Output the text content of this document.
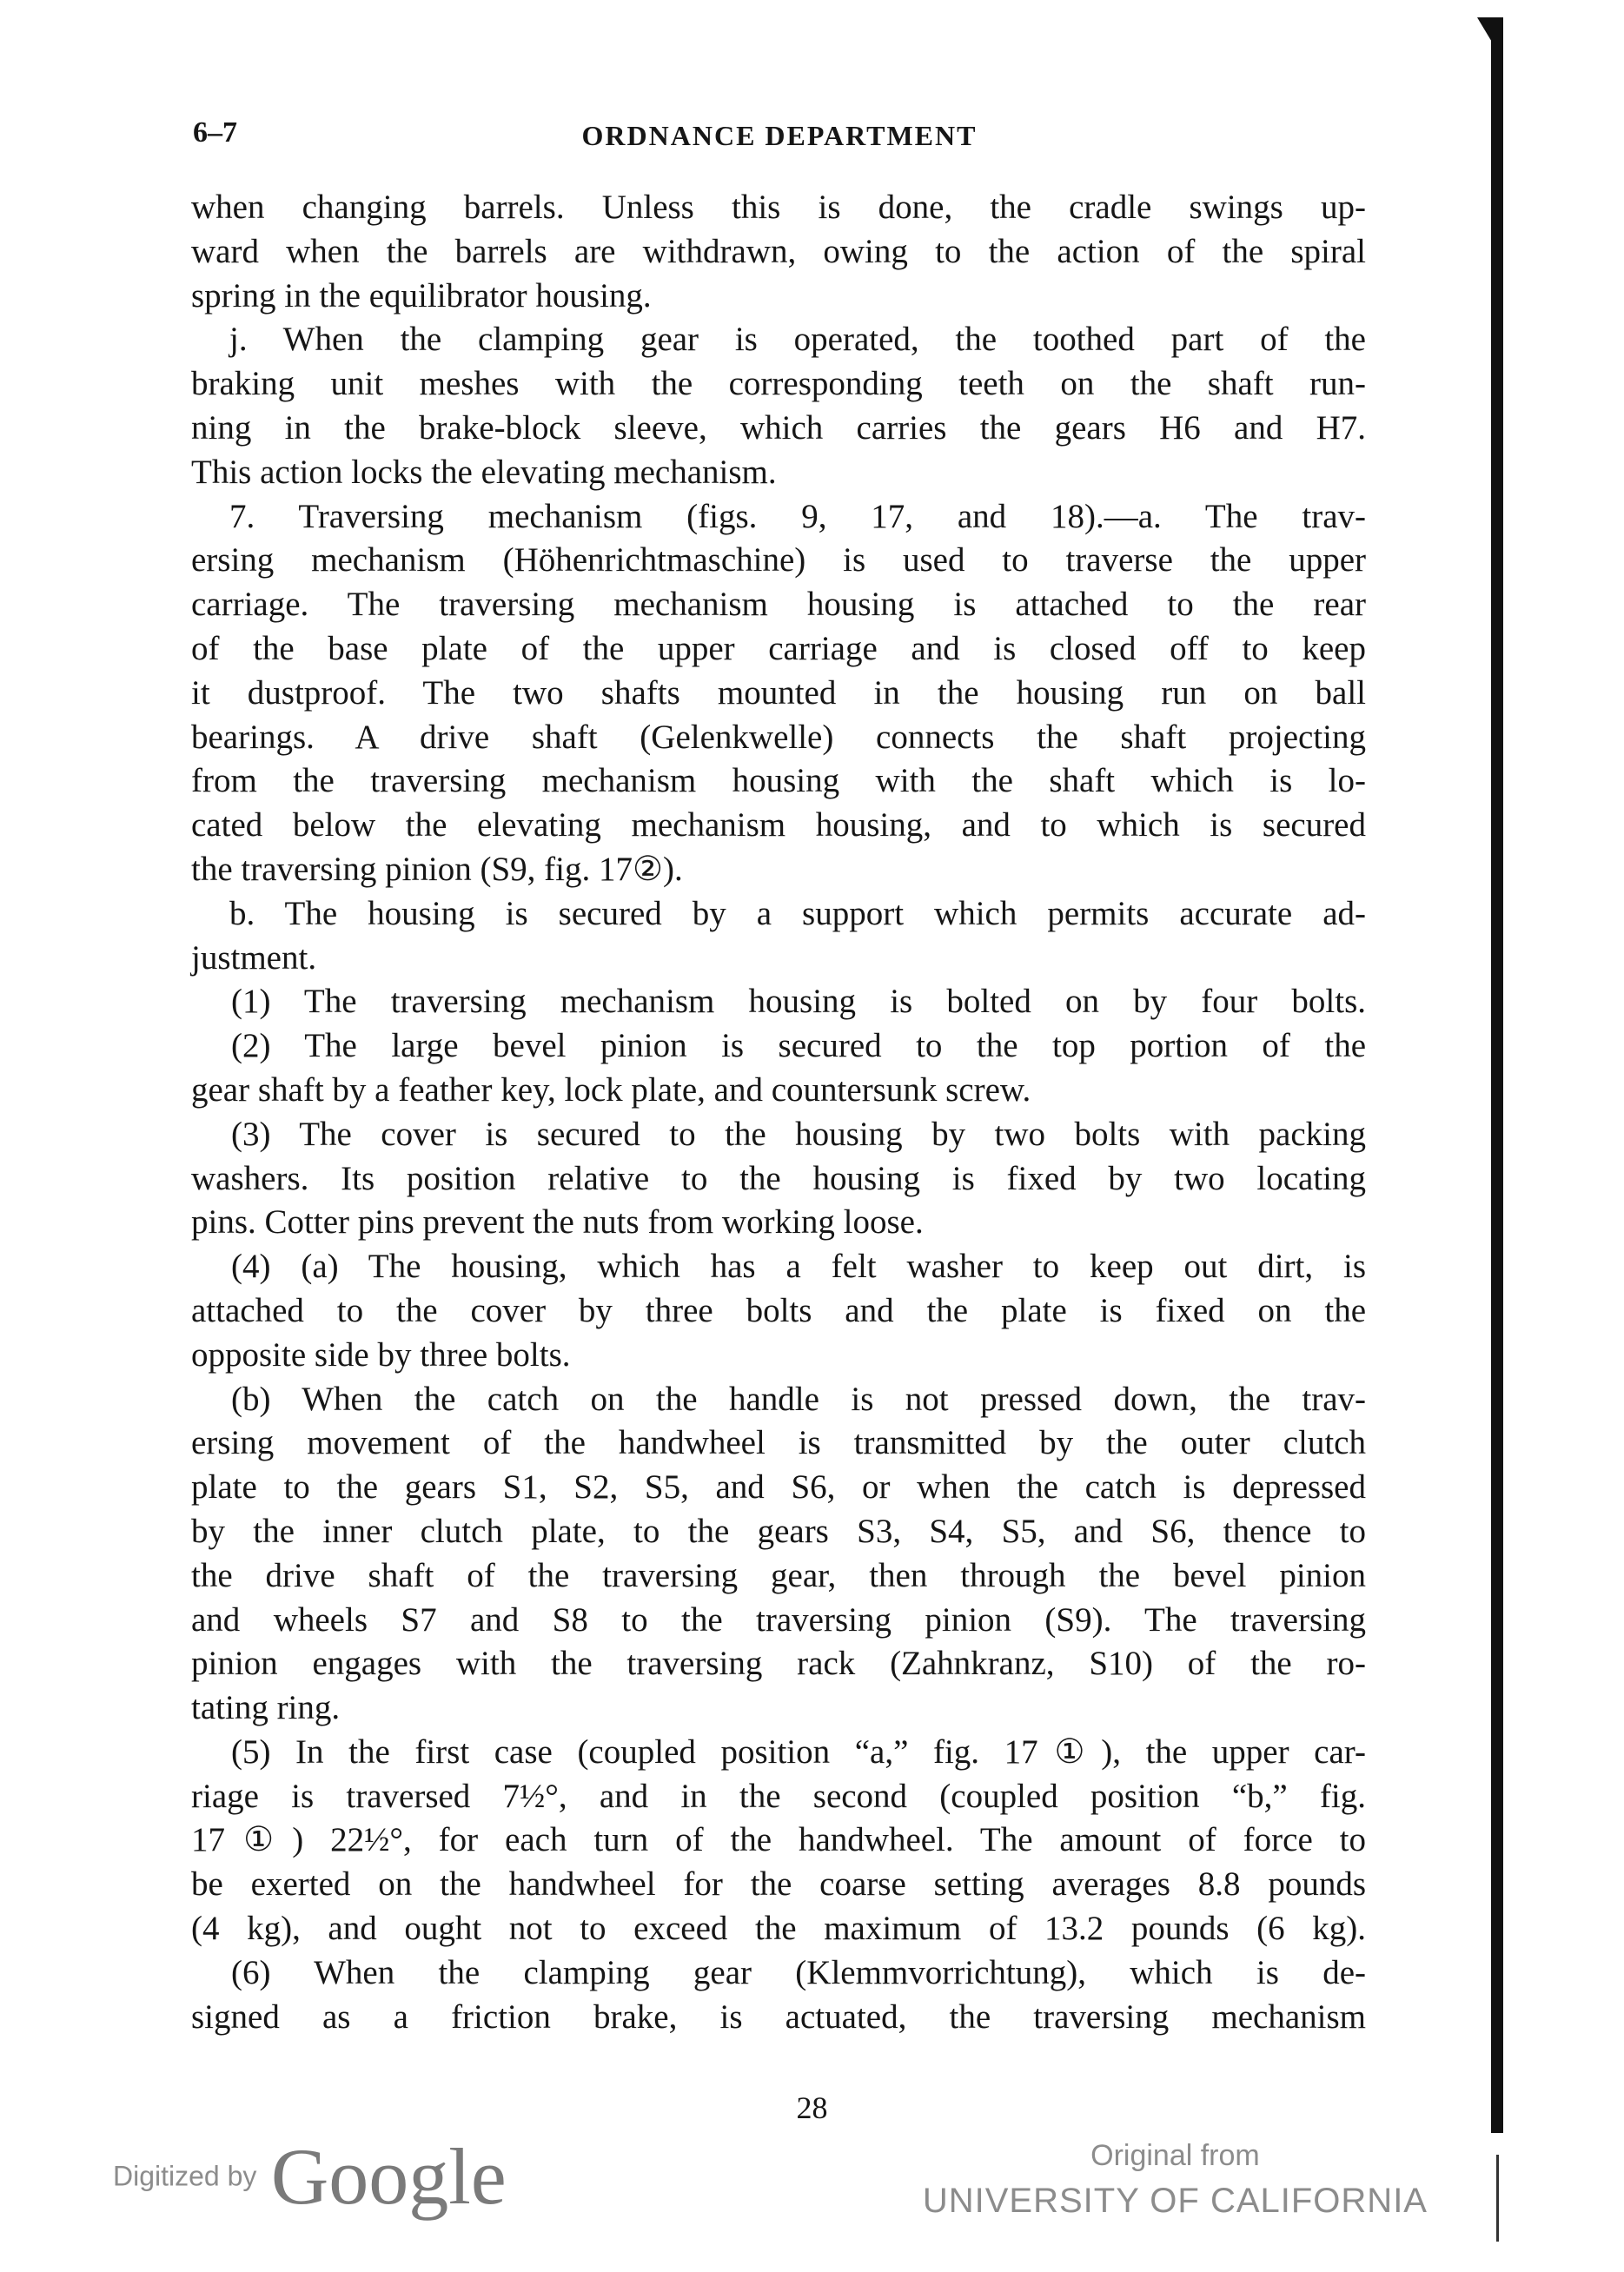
6–7	ORDNANCE DEPARTMENT
when changing barrels. Unless this is done, the cradle swings up-
ward when the barrels are withdrawn, owing to the action of the spiral
spring in the equilibrator housing.
j. When the clamping gear is operated, the toothed part of the
braking unit meshes with the corresponding teeth on the shaft run-
ning in the brake-block sleeve, which carries the gears H6 and H7.
This action locks the elevating mechanism.
7. Traversing mechanism (figs. 9, 17, and 18).—a. The trav-
ersing mechanism (Höhenrichtmaschine) is used to traverse the upper
carriage. The traversing mechanism housing is attached to the rear
of the base plate of the upper carriage and is closed off to keep
it dustproof. The two shafts mounted in the housing run on ball
bearings. A drive shaft (Gelenkwelle) connects the shaft projecting
from the traversing mechanism housing with the shaft which is lo-
cated below the elevating mechanism housing, and to which is secured
the traversing pinion (S9, fig. 17②).
b. The housing is secured by a support which permits accurate ad-
justment.
(1) The traversing mechanism housing is bolted on by four bolts.
(2) The large bevel pinion is secured to the top portion of the
gear shaft by a feather key, lock plate, and countersunk screw.
(3) The cover is secured to the housing by two bolts with packing
washers. Its position relative to the housing is fixed by two locating
pins. Cotter pins prevent the nuts from working loose.
(4) (a) The housing, which has a felt washer to keep out dirt, is
attached to the cover by three bolts and the plate is fixed on the
opposite side by three bolts.
(b) When the catch on the handle is not pressed down, the trav-
ersing movement of the handwheel is transmitted by the outer clutch
plate to the gears S1, S2, S5, and S6, or when the catch is depressed
by the inner clutch plate, to the gears S3, S4, S5, and S6, thence to
the drive shaft of the traversing gear, then through the bevel pinion
and wheels S7 and S8 to the traversing pinion (S9). The traversing
pinion engages with the traversing rack (Zahnkranz, S10) of the ro-
tating ring.
(5) In the first case (coupled position “a,” fig. 17①), the upper car-
riage is traversed 7½°, and in the second (coupled position “b,” fig.
17①) 22½°, for each turn of the handwheel. The amount of force to
be exerted on the handwheel for the coarse setting averages 8.8 pounds
(4 kg), and ought not to exceed the maximum of 13.2 pounds (6 kg).
(6) When the clamping gear (Klemmvorrichtung), which is de-
signed as a friction brake, is actuated, the traversing mechanism
28
Digitized by Google	Original from
UNIVERSITY OF CALIFORNIA
